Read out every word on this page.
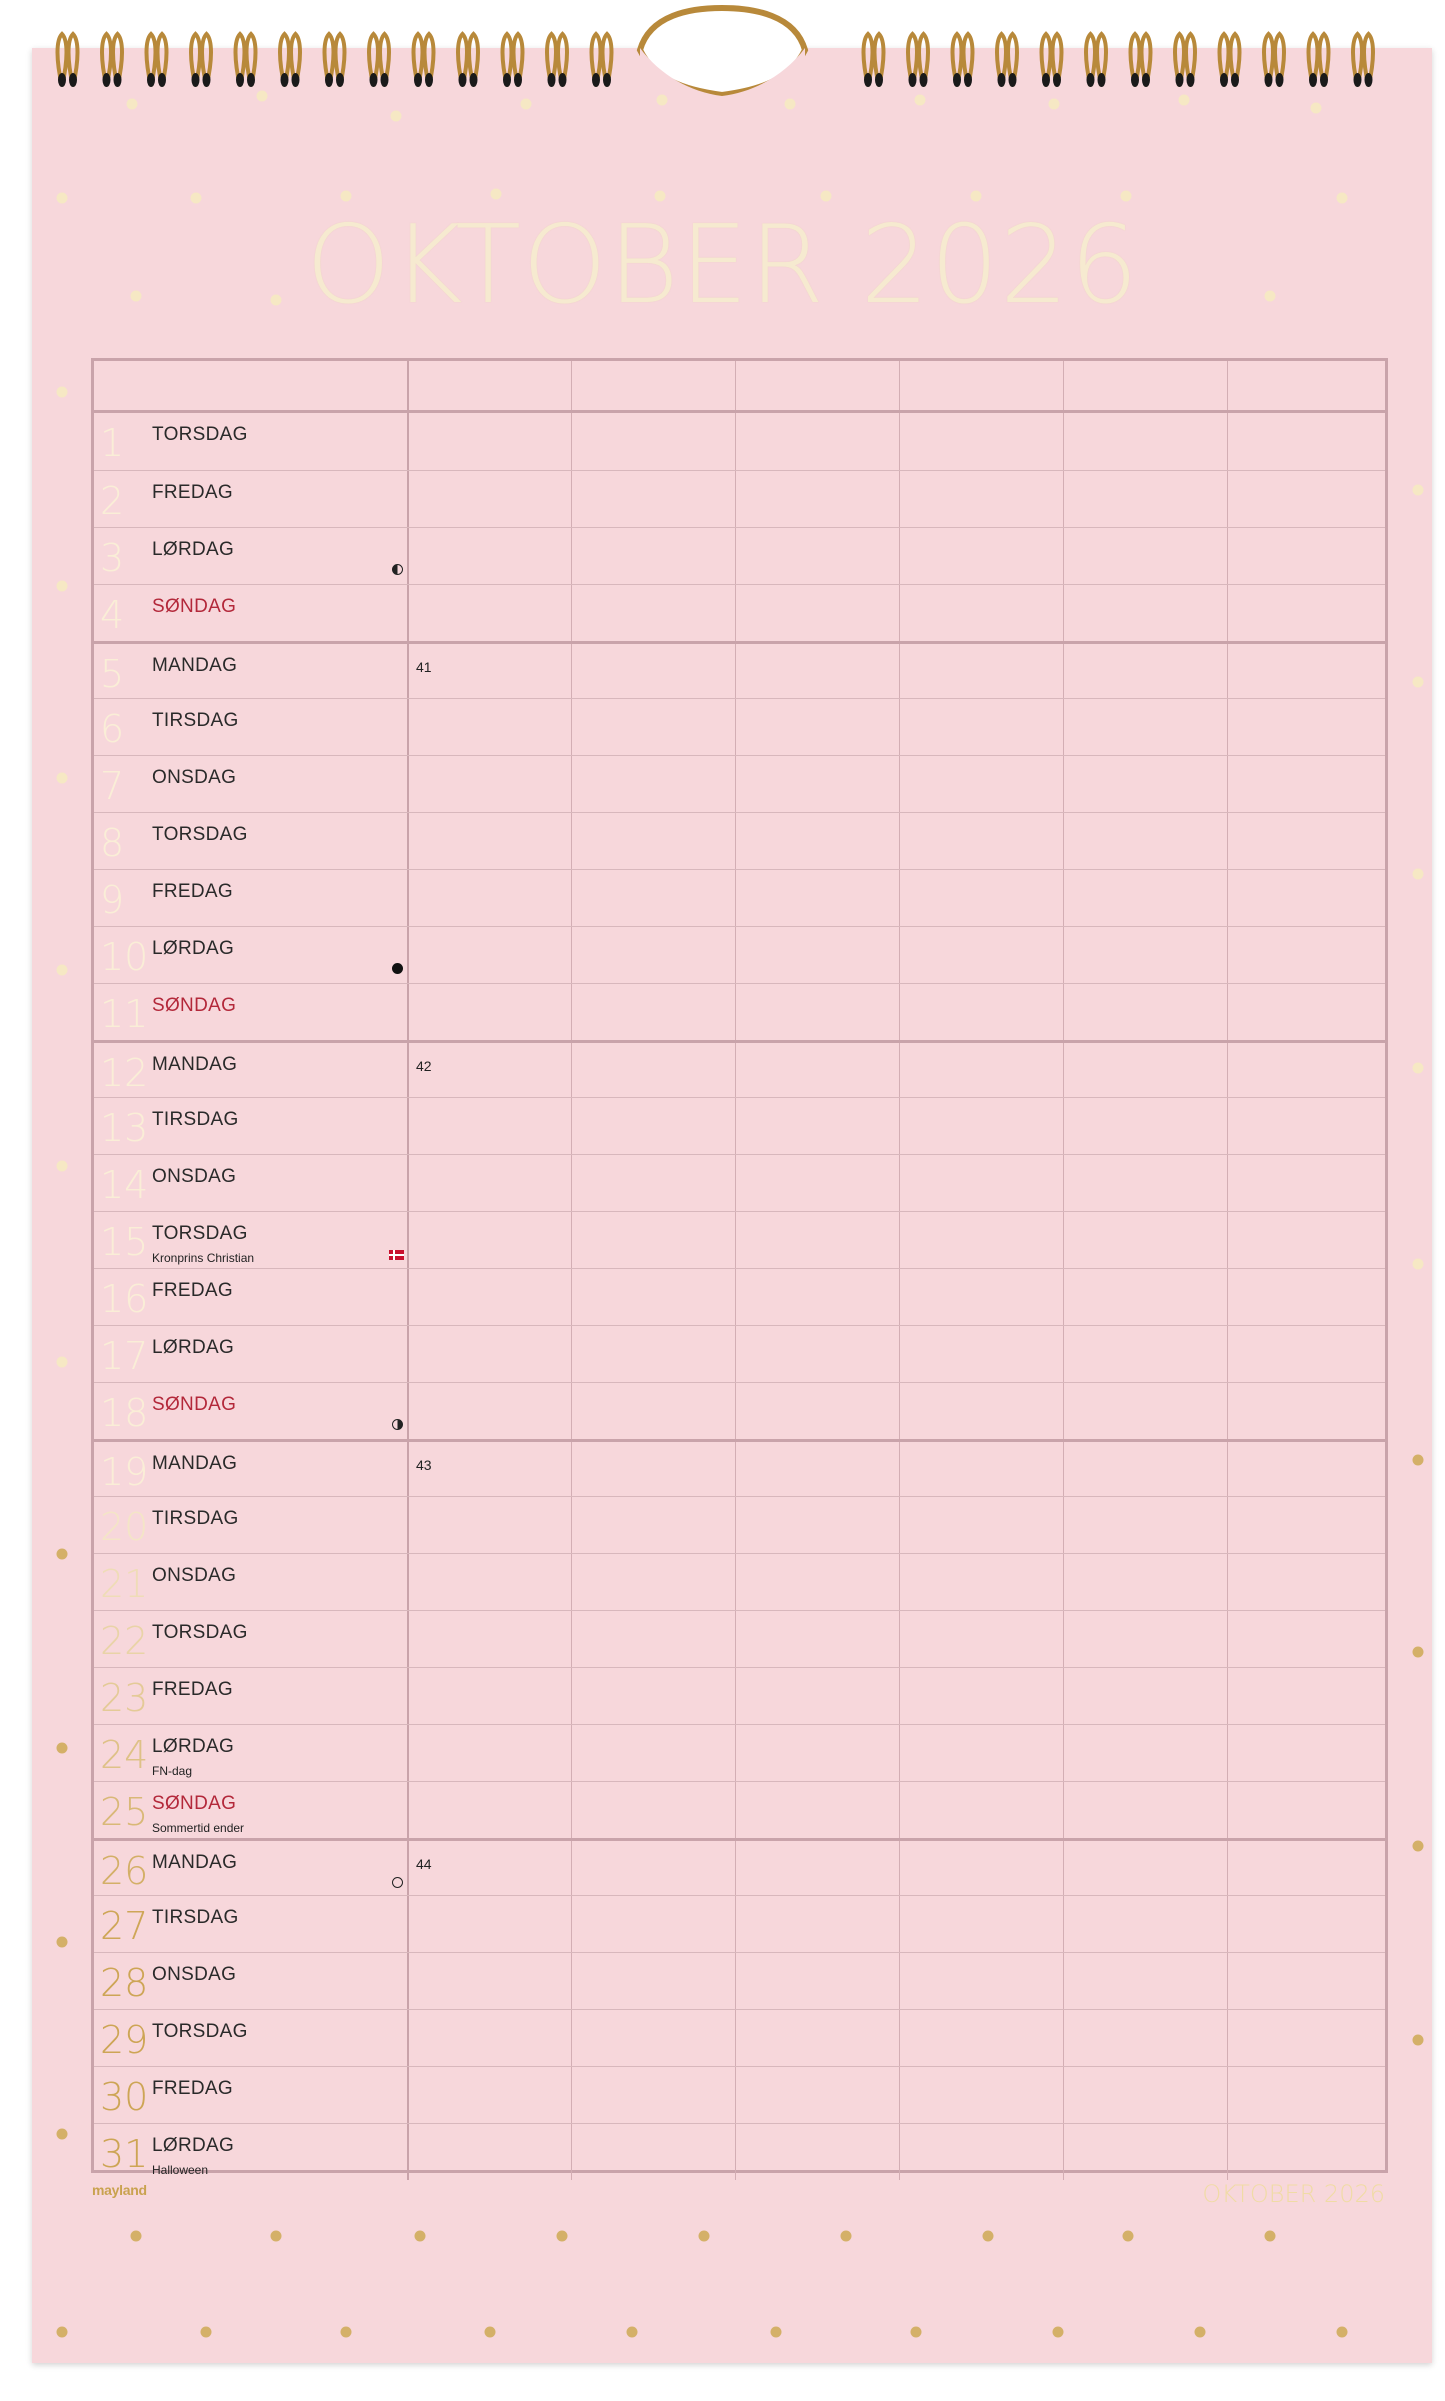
OKTOBER 2026
1 TORSDAG
2 FREDAG
3 LØRDAG
4 SØNDAG
5 MANDAG	41
6 TIRSDAG
7 ONSDAG
8 TORSDAG
9 FREDAG
10 LØRDAG
11 SØNDAG
12 MANDAG	42
13 TIRSDAG
14 ONSDAG
15 TORSDAG
Kronprins Christian
16 FREDAG
17 LØRDAG
18 SØNDAG
19 MANDAG	43
20 TIRSDAG
21 ONSDAG
22 TORSDAG
23 FREDAG
24 LØRDAG
FN-dag
25 SØNDAG
Sommertid ender
26 MANDAG	44
27 TIRSDAG
28 ONSDAG
29 TORSDAG
30 FREDAG
31 LØRDAG
Halloween
mayland	OKTOBER 2026
